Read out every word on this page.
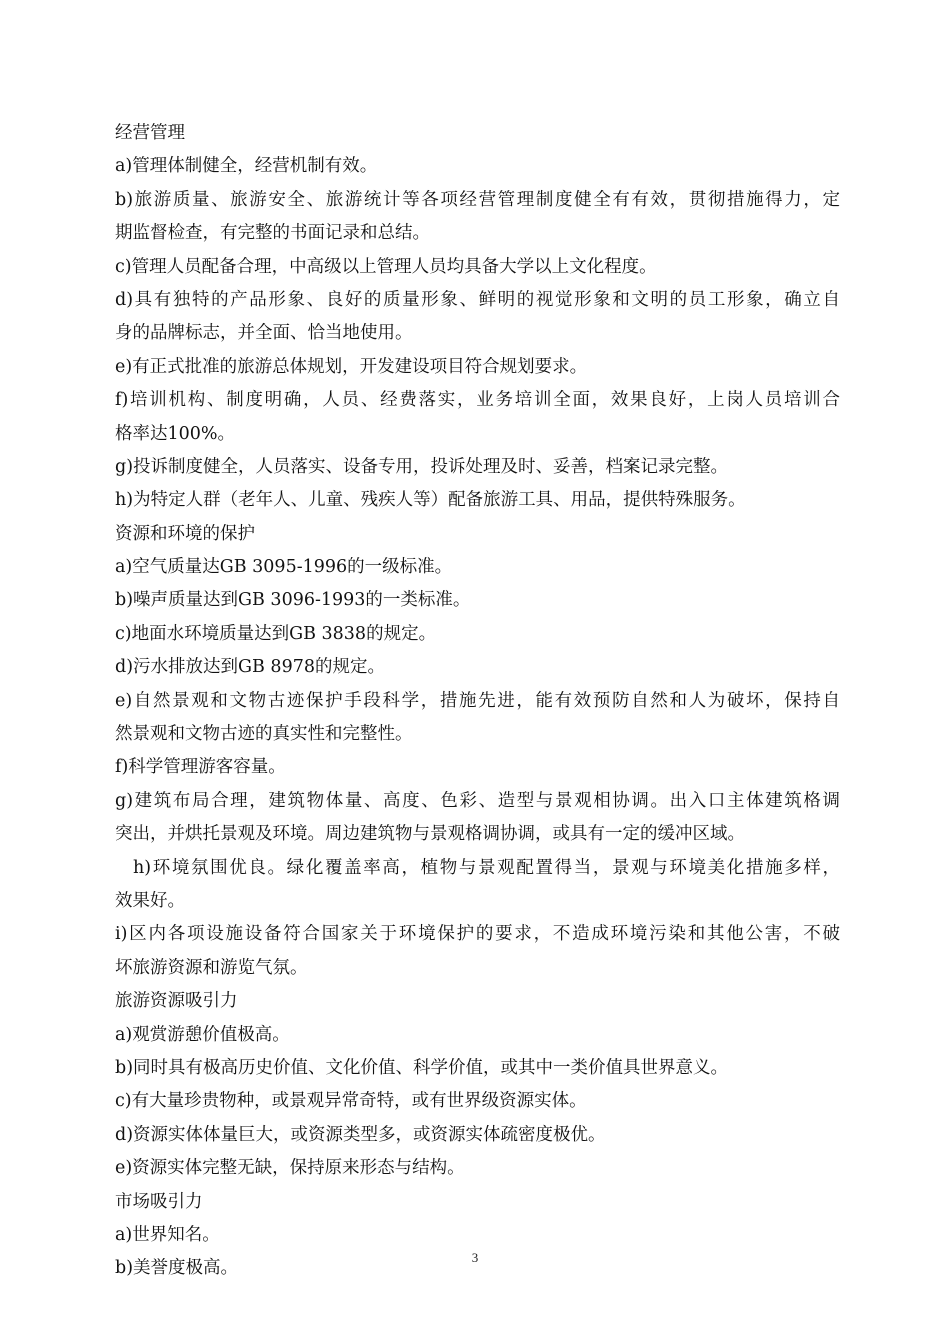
经营管理

a)管理体制健全，经营机制有效。

b)旅游质量、旅游安全、旅游统计等各项经营管理制度健全有有效，贯彻措施得力，定

期监督检查，有完整的书面记录和总结。

c)管理人员配备合理，中高级以上管理人员均具备大学以上文化程度。

d)具有独特的产品形象、良好的质量形象、鲜明的视觉形象和文明的员工形象，确立自

身的品牌标志，并全面、恰当地使用。

e)有正式批准的旅游总体规划，开发建设项目符合规划要求。

f)培训机构、制度明确，人员、经费落实，业务培训全面，效果良好，上岗人员培训合

格率达100%。

g)投诉制度健全，人员落实、设备专用，投诉处理及时、妥善，档案记录完整。

h)为特定人群（老年人、儿童、残疾人等）配备旅游工具、用品，提供特殊服务。

资源和环境的保护

a)空气质量达GB 3095-1996的一级标准。

b)噪声质量达到GB 3096-1993的一类标准。

c)地面水环境质量达到GB 3838的规定。

d)污水排放达到GB 8978的规定。

e)自然景观和文物古迹保护手段科学，措施先进，能有效预防自然和人为破坏，保持自

然景观和文物古迹的真实性和完整性。

f)科学管理游客容量。

g)建筑布局合理，建筑物体量、高度、色彩、造型与景观相协调。出入口主体建筑格调

突出，并烘托景观及环境。周边建筑物与景观格调协调，或具有一定的缓冲区域。

h)环境氛围优良。绿化覆盖率高，植物与景观配置得当，景观与环境美化措施多样，

效果好。

i)区内各项设施设备符合国家关于环境保护的要求，不造成环境污染和其他公害，不破

坏旅游资源和游览气氛。

旅游资源吸引力

a)观赏游憩价值极高。

b)同时具有极高历史价值、文化价值、科学价值，或其中一类价值具世界意义。

c)有大量珍贵物种，或景观异常奇特，或有世界级资源实体。

d)资源实体体量巨大，或资源类型多，或资源实体疏密度极优。

e)资源实体完整无缺，保持原来形态与结构。

市场吸引力

a)世界知名。

b)美誉度极高。

3
